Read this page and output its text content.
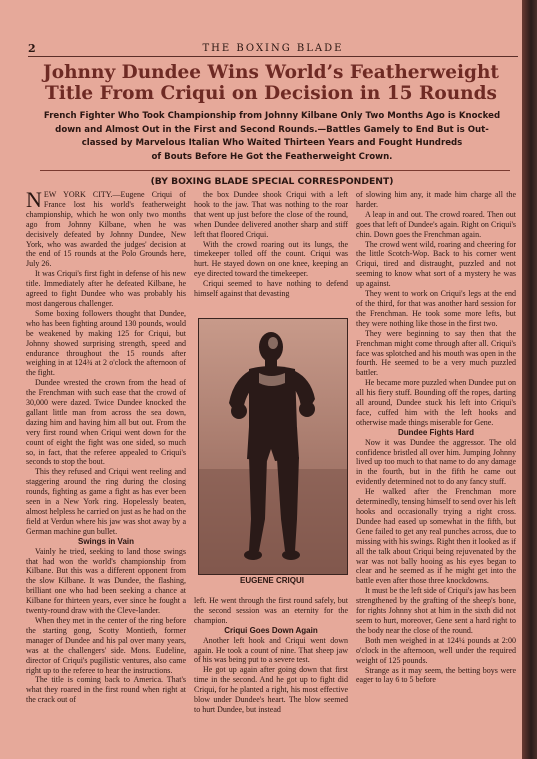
2	THE BOXING BLADE
Johnny Dundee Wins World’s Featherweight
Title From Criqui on Decision in 15 Rounds
French Fighter Who Took Championship from Johnny Kilbane Only Two Months Ago is Knocked
down and Almost Out in the First and Second Rounds.—Battles Gamely to End But is Out-
classed by Marvelous Italian Who Waited Thirteen Years and Fought Hundreds
of Bouts Before He Got the Featherweight Crown.
(BY BOXING BLADE SPECIAL CORRESPONDENT)

NEW YORK CITY.—Eugene Criqui of France lost his world's featherweight championship, which he won only two months ago from Johnny Kilbane, when he was decisively defeated by Johnny Dundee, New York, who was awarded the judges' decision at the end of 15 rounds at the Polo Grounds here, July 26.

It was Criqui's first fight in defense of his new title. Immediately after he defeated Kilbane, he agreed to fight Dundee who was probably his most dangerous challenger.

Some boxing followers thought that Dundee, who has been fighting around 130 pounds, would be weakened by making 125 for Criqui, but Johnny showed surprising strength, speed and endurance throughout the 15 rounds after weighing in at 124¾ at 2 o'clock the afternoon of the fight.

Dundee wrested the crown from the head of the Frenchman with such ease that the crowd of 30,000 were dazed. Twice Dundee knocked the gallant little man from across the sea down, dazing him and having him all but out. From the very first round when Criqui went down for the count of eight the fight was one sided, so much so, in fact, that the referee appealed to Criqui's seconds to stop the bout.

This they refused and Criqui went reeling and staggering around the ring during the closing rounds, fighting as game a fight as has ever been seen in a New York ring. Hopelessly beaten, almost helpless he carried on just as he had on the field at Verdun where his jaw was shot away by a German machine gun bullet.

Swings in Vain

Vainly he tried, seeking to land those swings that had won the world's championship from Kilbane. But this was a different opponent from the slow Kilbane. It was Dundee, the flashing, brilliant one who had been seeking a chance at Kilbane for thirteen years, ever since he fought a twenty-round draw with the Cleve-lander.

When they met in the center of the ring before the starting gong, Scotty Montieth, former manager of Dundee and his pal over many years, was at the challengers' side. Mons. Eudeline, director of Criqui's pugilistic ventures, also came right up to the referee to hear the instructions.

The title is coming back to America. That's what they roared in the first round when right at the crack out of

the box Dundee shook Criqui with a left hook to the jaw. That was nothing to the roar that went up just before the close of the round, when Dundee delivered another sharp and stiff left that floored Criqui.

With the crowd roaring out its lungs, the timekeeper tolled off the count. Criqui was hurt. He stayed down on one knee, keeping an eye directed toward the timekeeper.

Criqui seemed to have nothing to defend himself against that devasting

EUGENE CRIQUI

left. He went through the first round safely, but the second session was an eternity for the champion.

Criqui Goes Down Again

Another left hook and Criqui went down again. He took a count of nine. That sheep jaw of his was being put to a severe test.

He got up again after going down that first time in the second. And he got up to fight did Criqui, for he planted a right, his most effective blow under Dundee's heart. The blow seemed to hurt Dundee, but instead

of slowing him any, it made him charge all the harder.

A leap in and out. The crowd roared. Then out goes that left of Dundee's again. Right on Criqui's chin. Down goes the Frenchman again.

The crowd went wild, roaring and cheering for the little Scotch-Wop. Back to his corner went Criqui, tired and distraught, puzzled and not seeming to know what sort of a mystery he was up against.

They went to work on Criqui's legs at the end of the third, for that was another hard session for the Frenchman. He took some more lefts, but they were nothing like those in the first two.

They were beginning to say then that the Frenchman might come through after all. Criqui's face was splotched and his mouth was open in the fourth. He seemed to be a very much puzzled battler.

He became more puzzled when Dundee put on all his fiery stuff. Bounding off the ropes, darting all around, Dundee stuck his left into Criqui's face, cuffed him with the left hooks and otherwise made things miserable for Gene.

Dundee Fights Hard

Now it was Dundee the aggressor. The old confidence bristled all over him. Jumping Johnny lived up too much to that name to do any damage in the fourth, but in the fifth he came out evidently determined not to do any fancy stuff.

He walked after the Frenchman more determinedly, tensing himself to send over his left hooks and occasionally trying a right cross. Dundee had eased up somewhat in the fifth, but Gene failed to get any real punches across, due to missing with his swings. Right then it looked as if all the talk about Criqui being rejuvenated by the war was not bally hooing as his eyes began to clear and he seemed as if he might get into the battle even after those three knockdowns.

It must be the left side of Criqui's jaw has been strengthened by the grafting of the sheep's bone, for rights Johnny shot at him in the sixth did not seem to hurt, moreover, Gene sent a hard right to the body near the close of the round.

Both men weighed in at 124¼ pounds at 2:00 o'clock in the afternoon, well under the required weight of 125 pounds.

Strange as it may seem, the betting boys were eager to lay 6 to 5 before
